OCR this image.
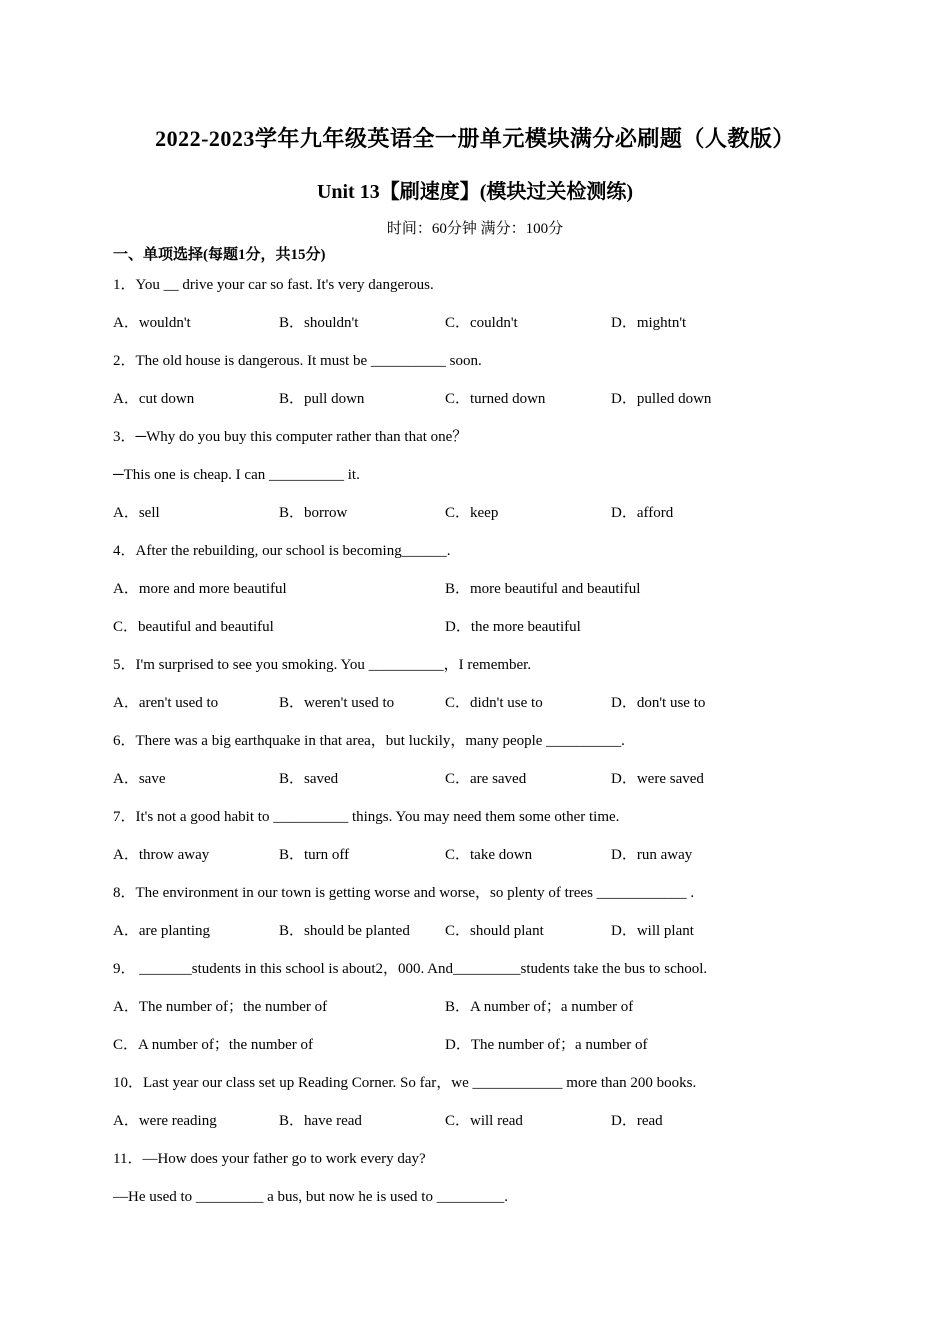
2022-2023学年九年级英语全一册单元模块满分必刷题（人教版）
Unit 13【刷速度】(模块过关检测练)
时间：60分钟 满分：100分
一、单项选择(每题1分，共15分)
1．You __ drive your car so fast. It's very dangerous.
A．wouldn't	B．shouldn't	C．couldn't	D．mightn't
2．The old house is dangerous. It must be __________ soon.
A．cut down	B．pull down	C．turned down	D．pulled down
3．─Why do you buy this computer rather than that one？
─This one is cheap. I can __________ it.
A．sell	B．borrow	C．keep	D．afford
4．After the rebuilding, our school is becoming______.
A．more and more beautiful	B．more beautiful and beautiful
C．beautiful and beautiful	D．the more beautiful
5．I'm surprised to see you smoking. You __________，I remember.
A．aren't used to	B．weren't used to	C．didn't use to	D．don't use to
6．There was a big earthquake in that area，but luckily，many people __________.
A．save	B．saved	C．are saved	D．were saved
7．It's not a good habit to __________ things. You may need them some other time.
A．throw away	B．turn off	C．take down	D．run away
8．The environment in our town is getting worse and worse，so plenty of trees ____________ .
A．are planting	B．should be planted	C．should plant	D．will plant
9． _______students in this school is about2，000. And_________students take the bus to school.
A．The number of；the number of	B．A number of；a number of
C．A number of；the number of	D．The number of；a number of
10．Last year our class set up Reading Corner. So far，we ____________ more than 200 books.
A．were reading	B．have read	C．will read	D．read
11．—How does your father go to work every day?
—He used to _________ a bus, but now he is used to _________.
